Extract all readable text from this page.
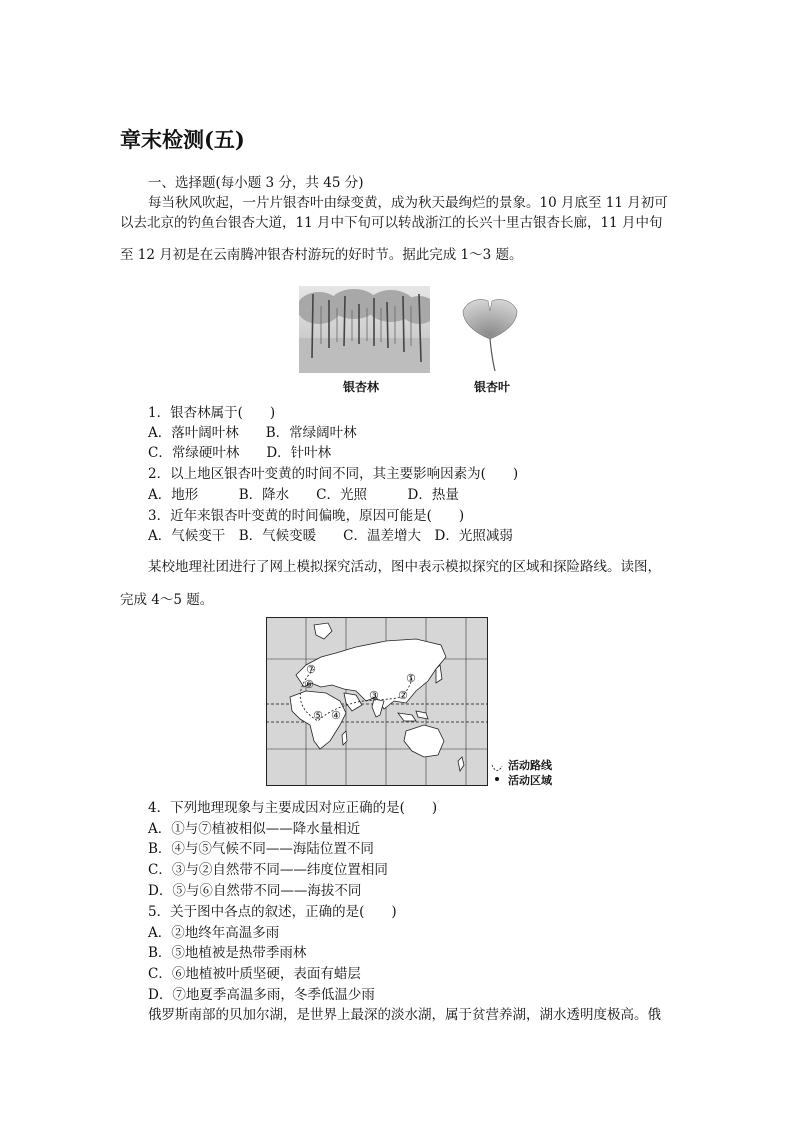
章末检测(五)
一、选择题(每小题 3 分，共 45 分)
每当秋风吹起，一片片银杏叶由绿变黄，成为秋天最绚烂的景象。10 月底至 11 月初可
以去北京的钓鱼台银杏大道，11 月中下旬可以转战浙江的长兴十里古银杏长廊，11 月中旬
至 12 月初是在云南腾冲银杏村游玩的好时节。据此完成 1～3 题。
银杏林	银杏叶
1．银杏林属于(　　)
A．落叶阔叶林　　B．常绿阔叶林
C．常绿硬叶林　　D．针叶林
2．以上地区银杏叶变黄的时间不同，其主要影响因素为(　　)
A．地形　　　B．降水　　C．光照　　　D．热量
3．近年来银杏叶变黄的时间偏晚，原因可能是(　　)
A．气候变干　B．气候变暖　　C．温差增大　D．光照减弱
某校地理社团进行了网上模拟探究活动，图中表示模拟探究的区域和探险路线。读图，
完成 4～5 题。
①
②
③
④
⑤
⑥
⑦
活动路线
活动区域
4．下列地理现象与主要成因对应正确的是(　　)
A．①与⑦植被相似——降水量相近
B．④与⑤气候不同——海陆位置不同
C．③与②自然带不同——纬度位置相同
D．⑤与⑥自然带不同——海拔不同
5．关于图中各点的叙述，正确的是(　　)
A．②地终年高温多雨
B．⑤地植被是热带季雨林
C．⑥地植被叶质坚硬，表面有蜡层
D．⑦地夏季高温多雨，冬季低温少雨
俄罗斯南部的贝加尔湖，是世界上最深的淡水湖，属于贫营养湖，湖水透明度极高。俄
